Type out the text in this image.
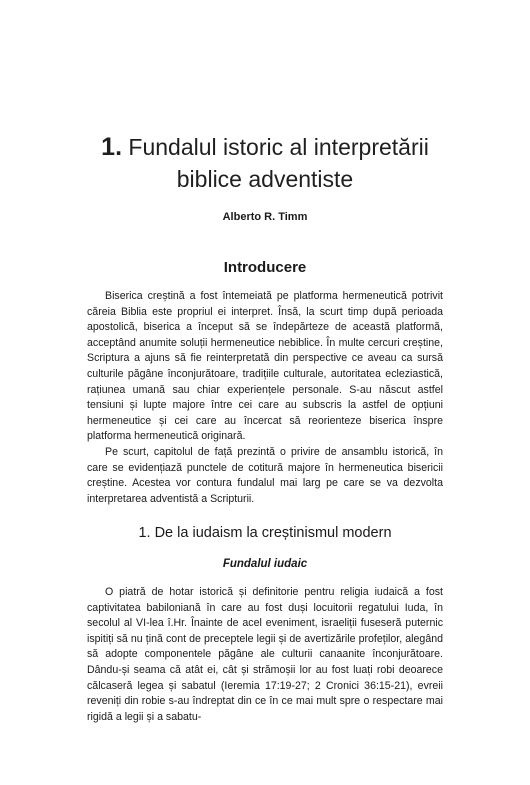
1. Fundalul istoric al interpretării
biblice adventiste
Alberto R. Timm
Introducere

Biserica creștină a fost întemeiată pe platforma hermeneutică potrivit căreia Biblia este propriul ei interpret. Însă, la scurt timp după perioada apostolică, biserica a început să se îndepărteze de această platformă, acceptând anumite soluții hermeneutice nebiblice. În multe cercuri creștine, Scriptura a ajuns să fie reinterpretată din perspective ce aveau ca sursă culturile păgâne înconjurătoare, tradițiile culturale, autoritatea ecleziastică, rațiunea umană sau chiar experiențele personale. S-au născut astfel tensiuni și lupte majore între cei care au subscris la astfel de opțiuni hermeneutice și cei care au încercat să reorienteze biserica înspre platforma hermeneutică originară.

Pe scurt, capitolul de față prezintă o privire de ansamblu istorică, în care se evidențiază punctele de cotitură majore în hermeneutica bisericii creștine. Acestea vor contura fundalul mai larg pe care se va dezvolta interpretarea adventistă a Scripturii.

1. De la iudaism la creștinismul modern
Fundalul iudaic

O piatră de hotar istorică și definitorie pentru religia iudaică a fost captivitatea babiloniană în care au fost duși locuitorii regatului Iuda, în secolul al VI-lea î.Hr. Înainte de acel eveniment, israeliții fuseseră puternic ispitiți să nu țină cont de preceptele legii și de avertizările profeților, alegând să adopte componentele păgâne ale culturii canaanite înconjurătoare. Dându-și seama că atât ei, cât și strămoșii lor au fost luați robi deoarece călcaseră legea și sabatul (Ieremia 17:19-27; 2 Cronici 36:15-21), evreii reveniți din robie s-au îndreptat din ce în ce mai mult spre o respectare mai rigidă a legii și a sabatu-
